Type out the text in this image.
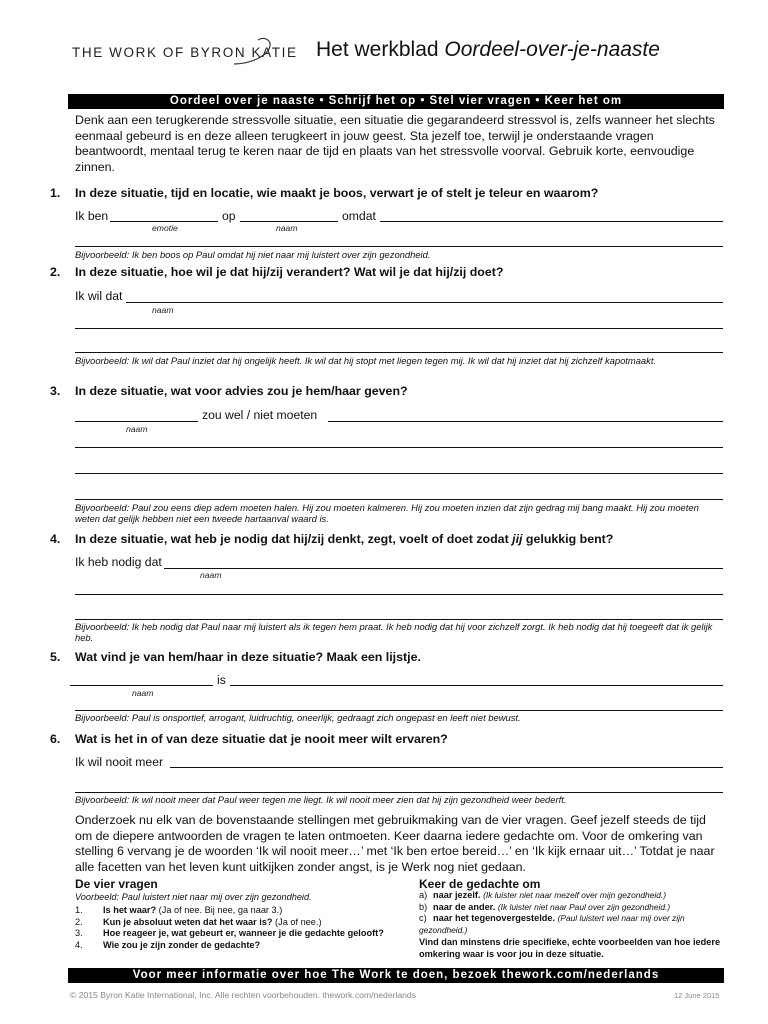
THE WORK OF BYRON KATIE Het werkblad Oordeel-over-je-naaste
Oordeel over je naaste • Schrijf het op • Stel vier vragen • Keer het om
Denk aan een terugkerende stressvolle situatie, een situatie die gegarandeerd stressvol is, zelfs wanneer het slechts eenmaal gebeurd is en deze alleen terugkeert in jouw geest. Sta jezelf toe, terwijl je onderstaande vragen beantwoordt, mentaal terug te keren naar de tijd en plaats van het stressvolle voorval. Gebruik korte, eenvoudige zinnen.
1. In deze situatie, tijd en locatie, wie maakt je boos, verwart je of stelt je teleur en waarom?
Ik ben	op	omdat
emotie	naam
Bijvoorbeeld: Ik ben boos op Paul omdat hij niet naar mij luistert over zijn gezondheid.
2. In deze situatie, hoe wil je dat hij/zij verandert? Wat wil je dat hij/zij doet?
Ik wil dat
naam
Bijvoorbeeld: Ik wil dat Paul inziet dat hij ongelijk heeft. Ik wil dat hij stopt met liegen tegen mij. Ik wil dat hij inziet dat hij zichzelf kapotmaakt.
3. In deze situatie, wat voor advies zou je hem/haar geven?
zou wel / niet moeten
naam
Bijvoorbeeld: Paul zou eens diep adem moeten halen. Hij zou moeten kalmeren. Hij zou moeten inzien dat zijn gedrag mij bang maakt. Hij zou moeten weten dat gelijk hebben niet een tweede hartaanval waard is.
4. In deze situatie, wat heb je nodig dat hij/zij denkt, zegt, voelt of doet zodat jij gelukkig bent?
Ik heb nodig dat
naam
Bijvoorbeeld: Ik heb nodig dat Paul naar mij luistert als ik tegen hem praat. Ik heb nodig dat hij voor zichzelf zorgt. Ik heb nodig dat hij toegeeft dat ik gelijk heb.
5. Wat vind je van hem/haar in deze situatie? Maak een lijstje.
is
naam
Bijvoorbeeld: Paul is onsportief, arrogant, luidruchtig, oneerlijk, gedraagt zich ongepast en leeft niet bewust.
6. Wat is het in of van deze situatie dat je nooit meer wilt ervaren?
Ik wil nooit meer
Bijvoorbeeld: Ik wil nooit meer dat Paul weer tegen me liegt. Ik wil nooit meer zien dat hij zijn gezondheid weer bederft.
Onderzoek nu elk van de bovenstaande stellingen met gebruikmaking van de vier vragen. Geef jezelf steeds de tijd om de diepere antwoorden de vragen te laten ontmoeten. Keer daarna iedere gedachte om. Voor de omkering van stelling 6 vervang je de woorden ‘Ik wil nooit meer…’ met ‘Ik ben ertoe bereid…’ en ‘Ik kijk ernaar uit…’ Totdat je naar alle facetten van het leven kunt uitkijken zonder angst, is je Werk nog niet gedaan.
De vier vragen
Voorbeeld: Paul luistert niet naar mij over zijn gezondheid.
1. Is het waar? (Ja of nee. Bij nee, ga naar 3.)
2. Kun je absoluut weten dat het waar is? (Ja of nee.)
3. Hoe reageer je, wat gebeurt er, wanneer je die gedachte gelooft?
4. Wie zou je zijn zonder de gedachte?
Keer de gedachte om
a) naar jezelf. (Ik luister niet naar mezelf over mijn gezondheid.)
b) naar de ander. (Ik luister niet naar Paul over zijn gezondheid.)
c) naar het tegenovergestelde. (Paul luistert wel naar mij over zijn gezondheid.)
Vind dan minstens drie specifieke, echte voorbeelden van hoe iedere omkering waar is voor jou in deze situatie.
Voor meer informatie over hoe The Work te doen, bezoek thework.com/nederlands
© 2015 Byron Katie International, Inc. Alle rechten voorbehouden. thework.com/nederlands	12 June 2015
